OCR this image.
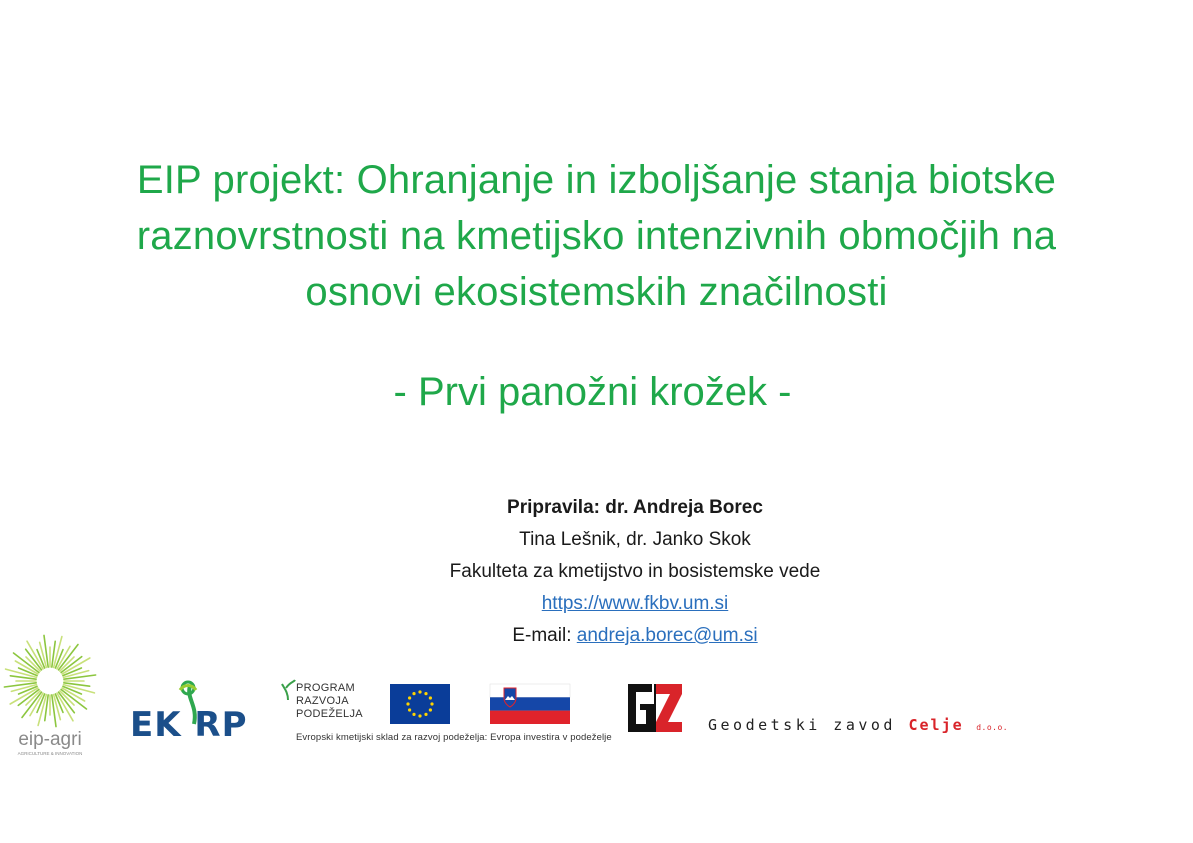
EIP projekt: Ohranjanje in izboljšanje stanja biotske
raznovrstnosti na kmetijsko intenzivnih območjih na
osnovi ekosistemskih značilnosti
- Prvi panožni krožek -
Pripravila: dr. Andreja Borec
Tina Lešnik, dr. Janko Skok
Fakulteta za kmetijstvo in bosistemske vede
https://www.fkbv.um.si
E-mail: andreja.borec@um.si
eip-agri
AGRICULTURE & INNOVATION
EK RP
PROGRAM
RAZVOJA
PODEŽELJA
Evropski kmetijski sklad za razvoj podeželja: Evropa investira v podeželje	GZ
Geodetski zavod Celje d.o.o.
